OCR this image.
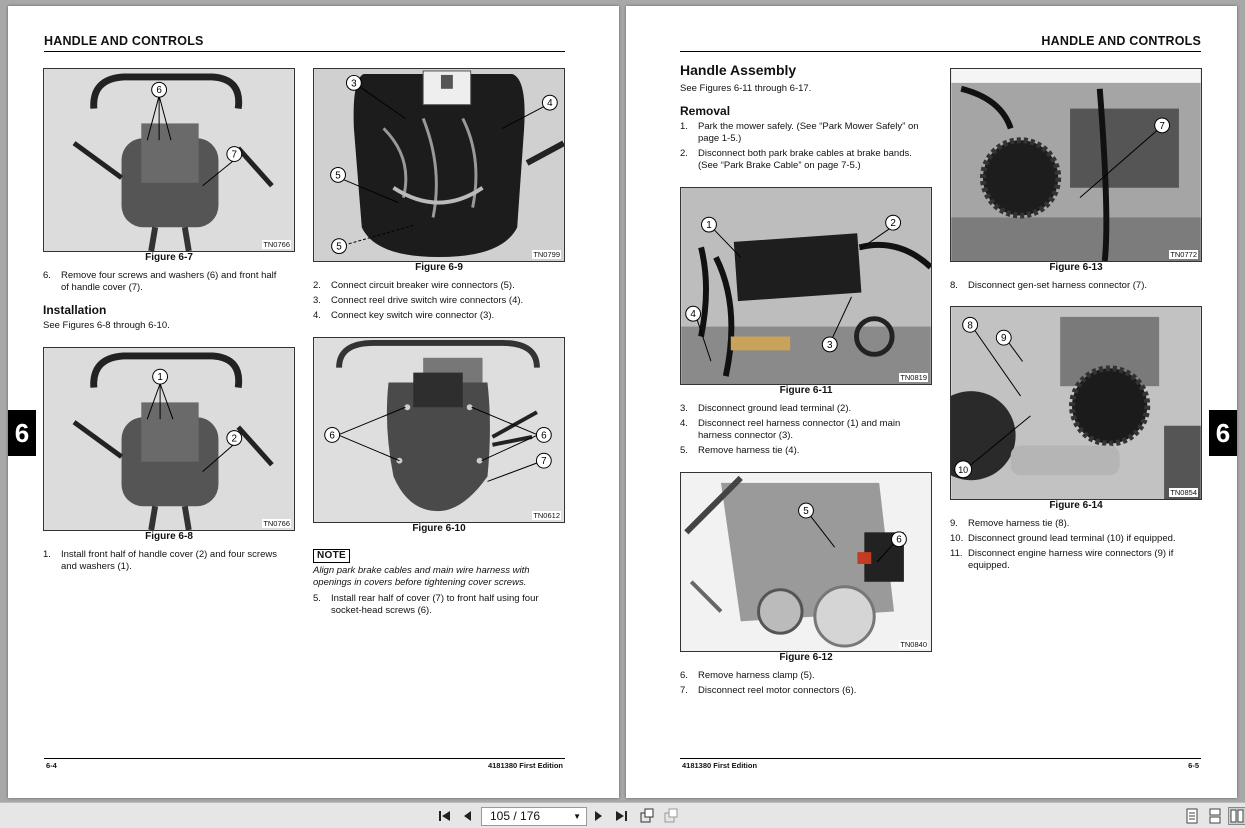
HANDLE AND CONTROLS
6
7
TN0766
Figure 6-7
6. Remove four screws and washers (6) and front half
of handle cover (7).
Installation
See Figures 6-8 through 6-10.
1
2
TN0766
Figure 6-8
1. Install front half of handle cover (2) and four screws
and washers (1).
3
4
5
5
TN0799
Figure 6-9
2. Connect circuit breaker wire connectors (5).
3. Connect reel drive switch wire connectors (4).
4. Connect key switch wire connector (3).
6	6
7
TN0612
Figure 6-10
NOTE
Align park brake cables and main wire harness with
openings in covers before tightening cover screws.
5. Install rear half of cover (7) to front half using four
socket-head screws (6).
6-4	4181380 First Edition
6
HANDLE AND CONTROLS
Handle Assembly
See Figures 6-11 through 6-17.
Removal
1. Park the mower safely. (See “Park Mower Safely” on
page 1-5.)
2. Disconnect both park brake cables at brake bands.
(See “Park Brake Cable” on page 7-5.)
1	2
3
4
TN0819
Figure 6-11
3. Disconnect ground lead terminal (2).
4. Disconnect reel harness connector (1) and main
harness connector (3).
5. Remove harness tie (4).
5
6
TN0840
Figure 6-12
6. Remove harness clamp (5).
7. Disconnect reel motor connectors (6).
7
TN0772
Figure 6-13
8. Disconnect gen-set harness connector (7).
8
9
10
TN0854
Figure 6-14
9. Remove harness tie (8).
10. Disconnect ground lead terminal (10) if equipped.
11. Disconnect engine harness wire connectors (9) if
equipped.
4181380 First Edition	6-5
6
105 / 176	▼
